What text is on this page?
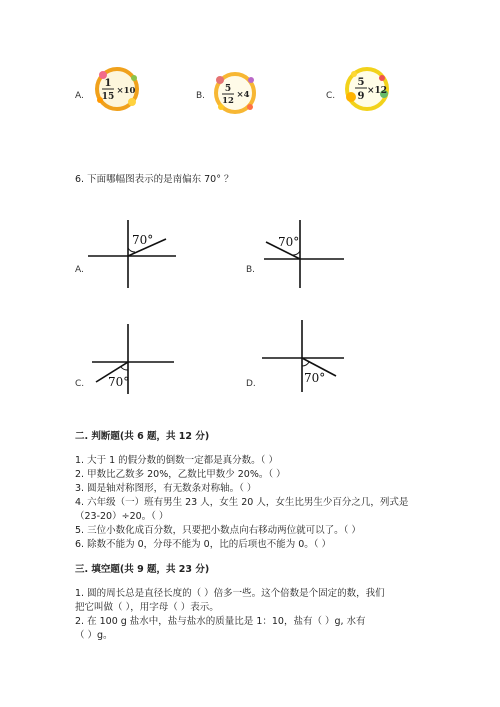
A.
1
15
×10	B.
5
12
×4	C.
5
9 ×12
6. 下面哪幅图表示的是南偏东 70° ？
A.
70°
B.
70°
C. 70°	D.	70°
二. 判断题(共 6 题，共 12 分)
1. 大于 1 的假分数的倒数一定都是真分数。（ ）
2. 甲数比乙数多 20%，乙数比甲数少 20%。（ ）
3. 圆是轴对称图形，有无数条对称轴。（ ）
4. 六年级（一）班有男生 23 人，女生 20 人，女生比男生少百分之几，列式是
（23-20）÷20。（ ）
5. 三位小数化成百分数，只要把小数点向右移动两位就可以了。（ ）
6. 除数不能为 0，分母不能为 0，比的后项也不能为 0。（ ）
三. 填空题(共 9 题，共 23 分)
1. 圆的周长总是直径长度的（ ）倍多一些。这个倍数是个固定的数，我们
把它叫做（ ），用字母（ ）表示。
2. 在 100 g 盐水中，盐与盐水的质量比是 1：10，盐有（ ）g, 水有
（ ）g。
